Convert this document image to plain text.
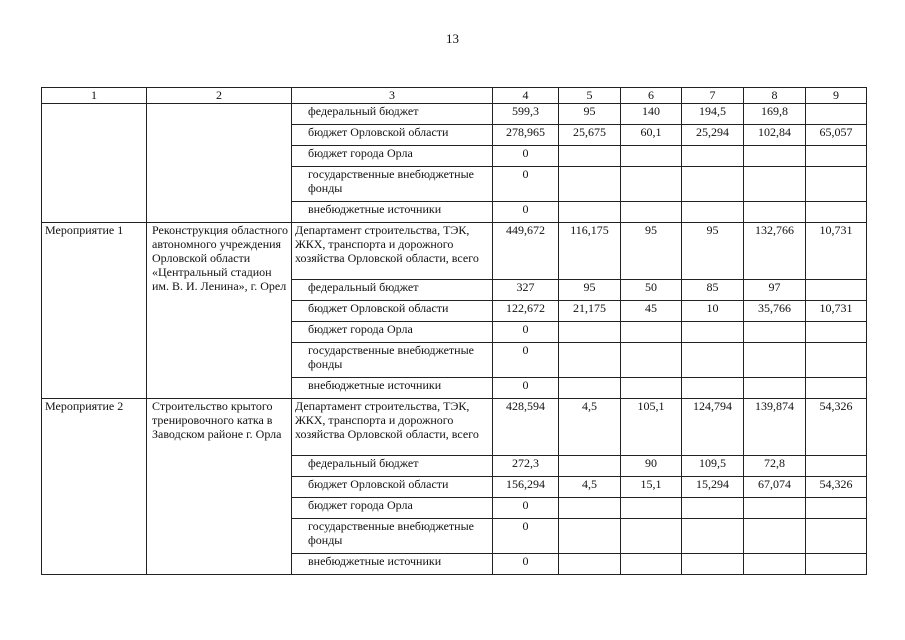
13
1	2	3	4	5	6	7	8	9
		федеральный бюджет	599,3	95	140	194,5	169,8	
		бюджет Орловской области	278,965	25,675	60,1	25,294	102,84	65,057
		бюджет города Орла	0					
		государственные внебюджетные фонды	0					
		внебюджетные источники	0					
Мероприятие 1	Реконструкция областного автономного учреждения Орловской области «Центральный стадион им. В. И. Ленина», г. Орел	Департамент строительства, ТЭК, ЖКХ, транспорта и дорожного хозяйства Орловской области, всего	449,672	116,175	95	95	132,766	10,731
		федеральный бюджет	327	95	50	85	97	
		бюджет Орловской области	122,672	21,175	45	10	35,766	10,731
		бюджет города Орла	0					
		государственные внебюджетные фонды	0					
		внебюджетные источники	0					
Мероприятие 2	Строительство крытого тренировочного катка в Заводском районе г. Орла	Департамент строительства, ТЭК, ЖКХ, транспорта и дорожного хозяйства Орловской области, всего	428,594	4,5	105,1	124,794	139,874	54,326
		федеральный бюджет	272,3		90	109,5	72,8	
		бюджет Орловской области	156,294	4,5	15,1	15,294	67,074	54,326
		бюджет города Орла	0					
		государственные внебюджетные фонды	0					
		внебюджетные источники	0					
